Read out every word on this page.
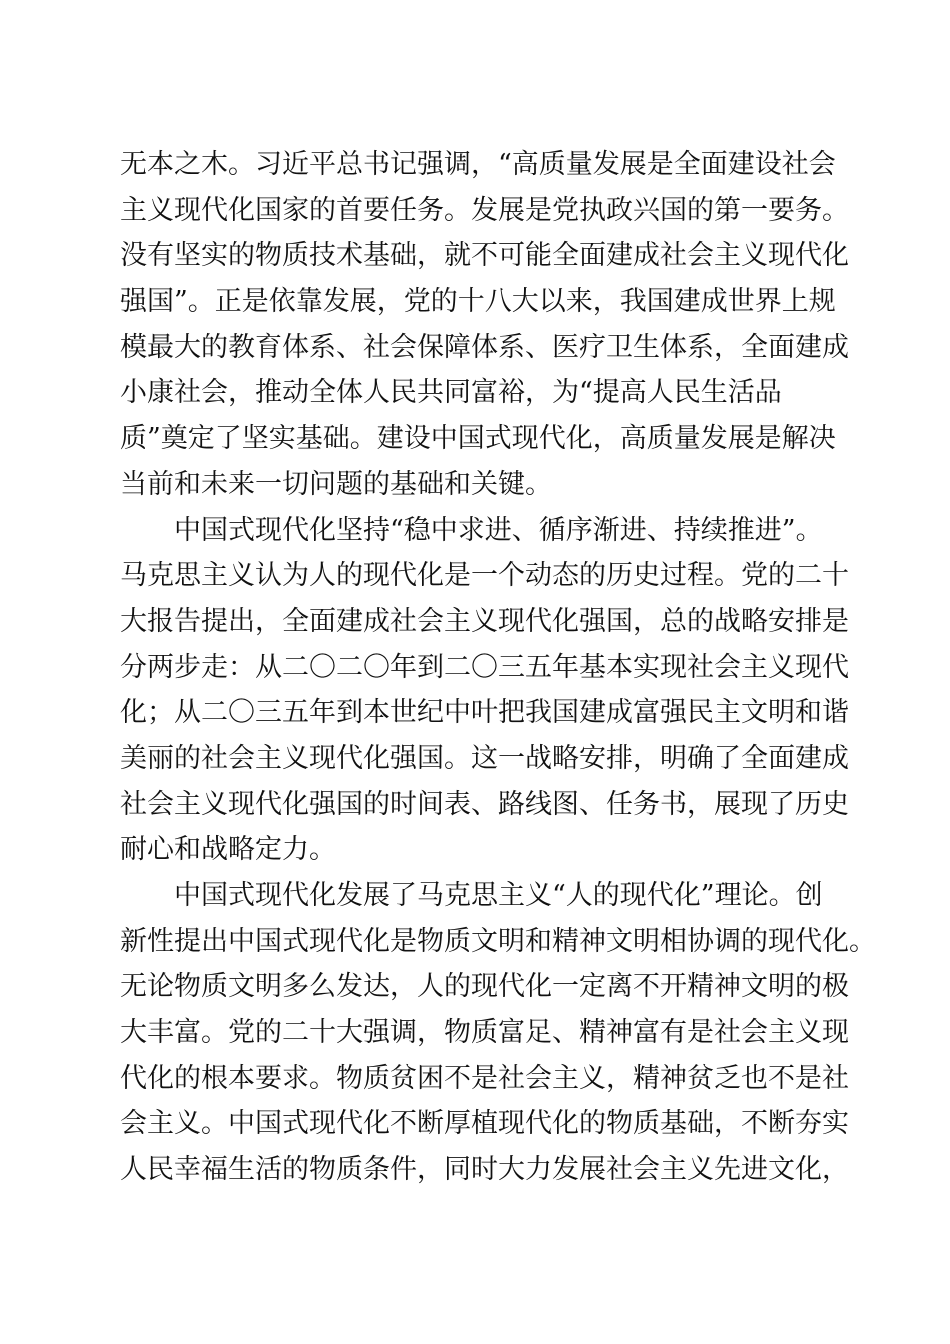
无本之木。习近平总书记强调，“高质量发展是全面建设社会
主义现代化国家的首要任务。发展是党执政兴国的第一要务。
没有坚实的物质技术基础，就不可能全面建成社会主义现代化
强国”。正是依靠发展，党的十八大以来，我国建成世界上规
模最大的教育体系、社会保障体系、医疗卫生体系，全面建成
小康社会，推动全体人民共同富裕，为“提高人民生活品
质”奠定了坚实基础。建设中国式现代化，高质量发展是解决
当前和未来一切问题的基础和关键。
中国式现代化坚持“稳中求进、循序渐进、持续推进”。
马克思主义认为人的现代化是一个动态的历史过程。党的二十
大报告提出，全面建成社会主义现代化强国，总的战略安排是
分两步走：从二〇二〇年到二〇三五年基本实现社会主义现代
化；从二〇三五年到本世纪中叶把我国建成富强民主文明和谐
美丽的社会主义现代化强国。这一战略安排，明确了全面建成
社会主义现代化强国的时间表、路线图、任务书，展现了历史
耐心和战略定力。
中国式现代化发展了马克思主义“人的现代化”理论。创
新性提出中国式现代化是物质文明和精神文明相协调的现代化。
无论物质文明多么发达，人的现代化一定离不开精神文明的极
大丰富。党的二十大强调，物质富足、精神富有是社会主义现
代化的根本要求。物质贫困不是社会主义，精神贫乏也不是社
会主义。中国式现代化不断厚植现代化的物质基础，不断夯实
人民幸福生活的物质条件，同时大力发展社会主义先进文化，
